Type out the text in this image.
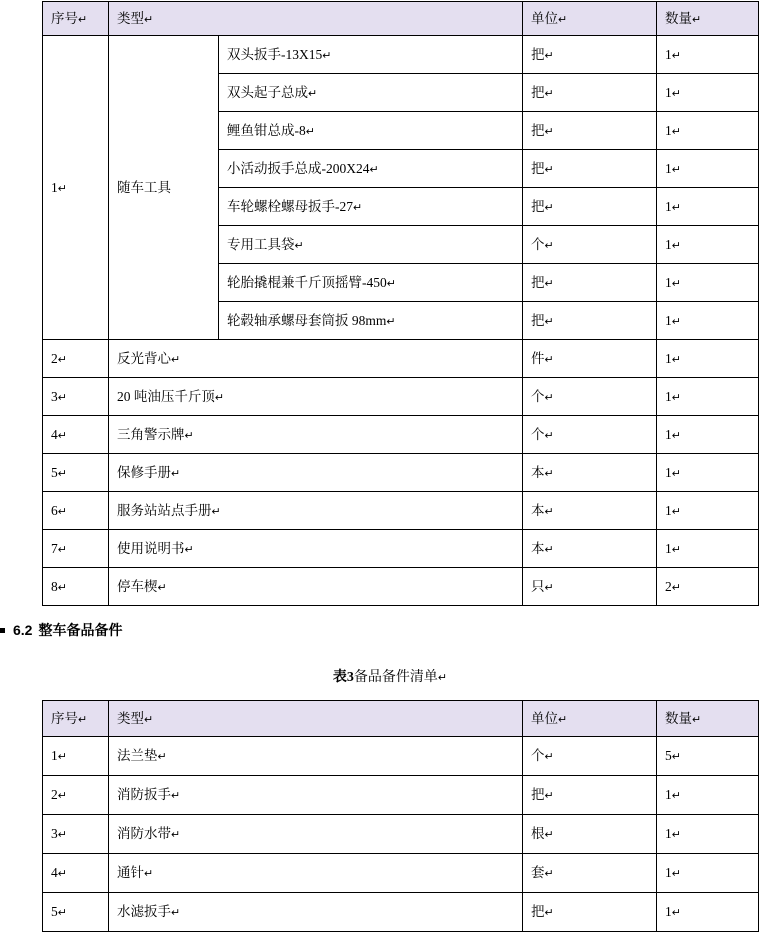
序号↵	类型↵		单位↵	数量↵
1↵	随车工具	双头扳手-13X15↵	把↵	1↵
		双头起子总成↵	把↵	1↵
		鲤鱼钳总成-8↵	把↵	1↵
		小活动扳手总成-200X24↵	把↵	1↵
		车轮螺栓螺母扳手-27↵	把↵	1↵
		专用工具袋↵	个↵	1↵
		轮胎撬棍兼千斤顶摇臂-450↵	把↵	1↵
		轮毂轴承螺母套筒扳 98mm↵	把↵	1↵
2↵	反光背心↵		件↵	1↵
3↵	20 吨油压千斤顶↵		个↵	1↵
4↵	三角警示牌↵		个↵	1↵
5↵	保修手册↵		本↵	1↵
6↵	服务站站点手册↵		本↵	1↵
7↵	使用说明书↵		本↵	1↵
8↵	停车楔↵		只↵	2↵
6.2 整车备品备件
表3备品备件清单↵
序号↵	类型↵	单位↵	数量↵
1↵	法兰垫↵	个↵	5↵
2↵	消防扳手↵	把↵	1↵
3↵	消防水带↵	根↵	1↵
4↵	通针↵	套↵	1↵
5↵	水滤扳手↵	把↵	1↵
